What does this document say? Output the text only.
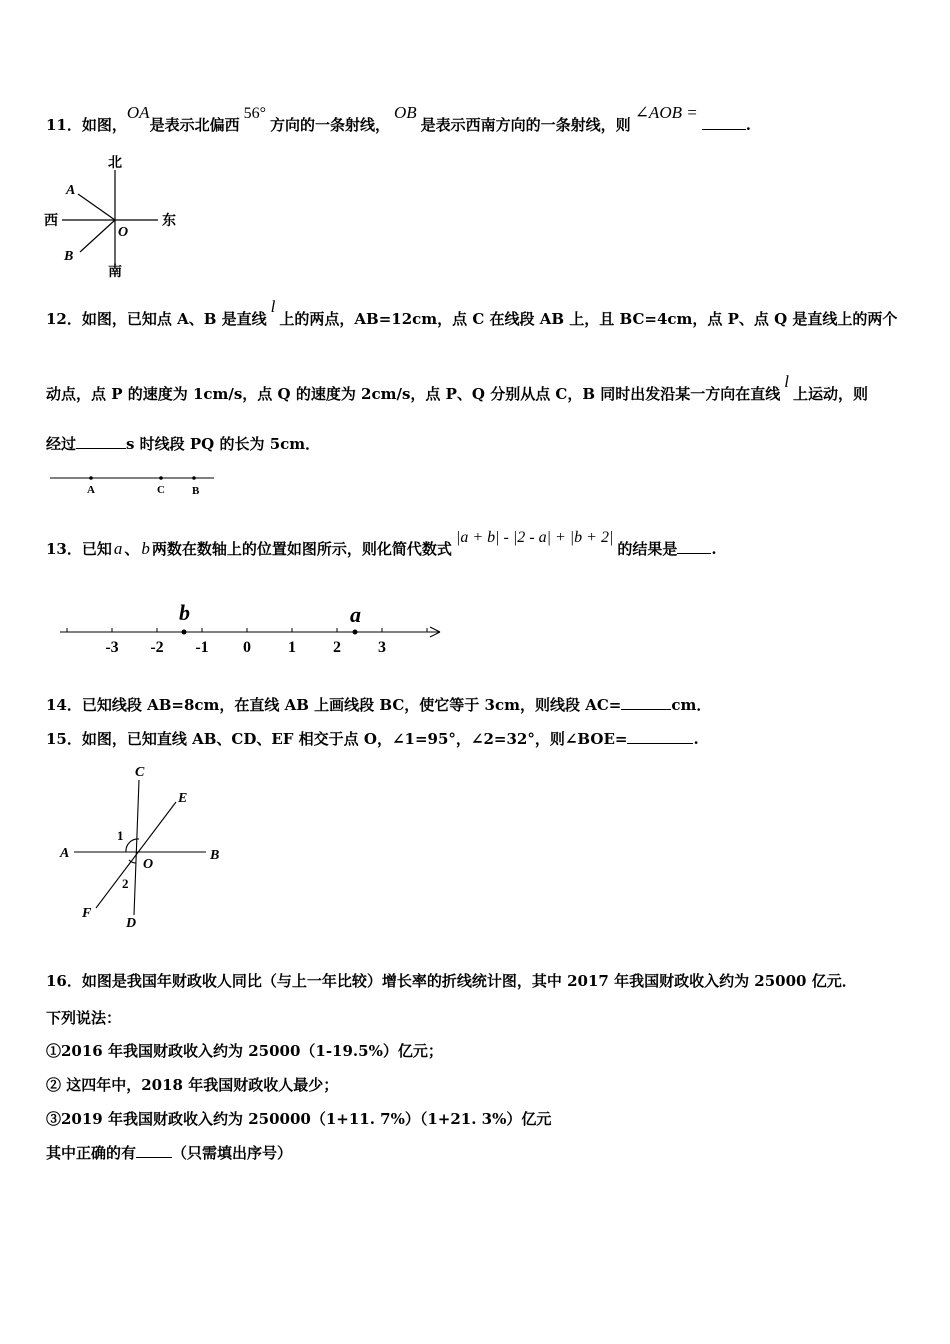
11．如图，OA是表示北偏西56°方向的一条射线，OB是表示西南方向的一条射线，则∠AOB =.
北
南
西	东
A
B
O
12．如图，已知点 A、B 是直线l上的两点，AB=12cm，点 C 在线段 AB 上，且 BC=4cm，点 P、点 Q 是直线上的两个
动点，点 P 的速度为 1cm/s，点 Q 的速度为 2cm/s，点 P、Q 分别从点 C，B 同时出发沿某一方向在直线l上运动，则
经过	s 时线段 PQ 的长为 5cm．
A	C B
13．已知 a 、 b 两数在数轴上的位置如图所示，则化简代数式|a + b| - |2 - a| + |b + 2|的结果是 .
-3 -2 -1 0 1 2 3
b	a
14．已知线段 AB=8cm，在直线 AB 上画线段 BC，使它等于 3cm，则线段 AC=	cm．
15．如图，已知直线 AB、CD、EF 相交于点 O，∠1=95°，∠2=32°，则∠BOE=	.
A	B
C
D
E
F
O
1
2
16．如图是我国年财政收人同比（与上一年比较）增长率的折线统计图，其中 2017 年我国财政收入约为 25000 亿元．
下列说法：
①2016 年我国财政收入约为 25000（1-19.5%）亿元；
② 这四年中，2018 年我国财政收人最少；
③2019 年我国财政收入约为 250000（1+11. 7%）（1+21. 3%）亿元
其中正确的有 （只需填出序号）
